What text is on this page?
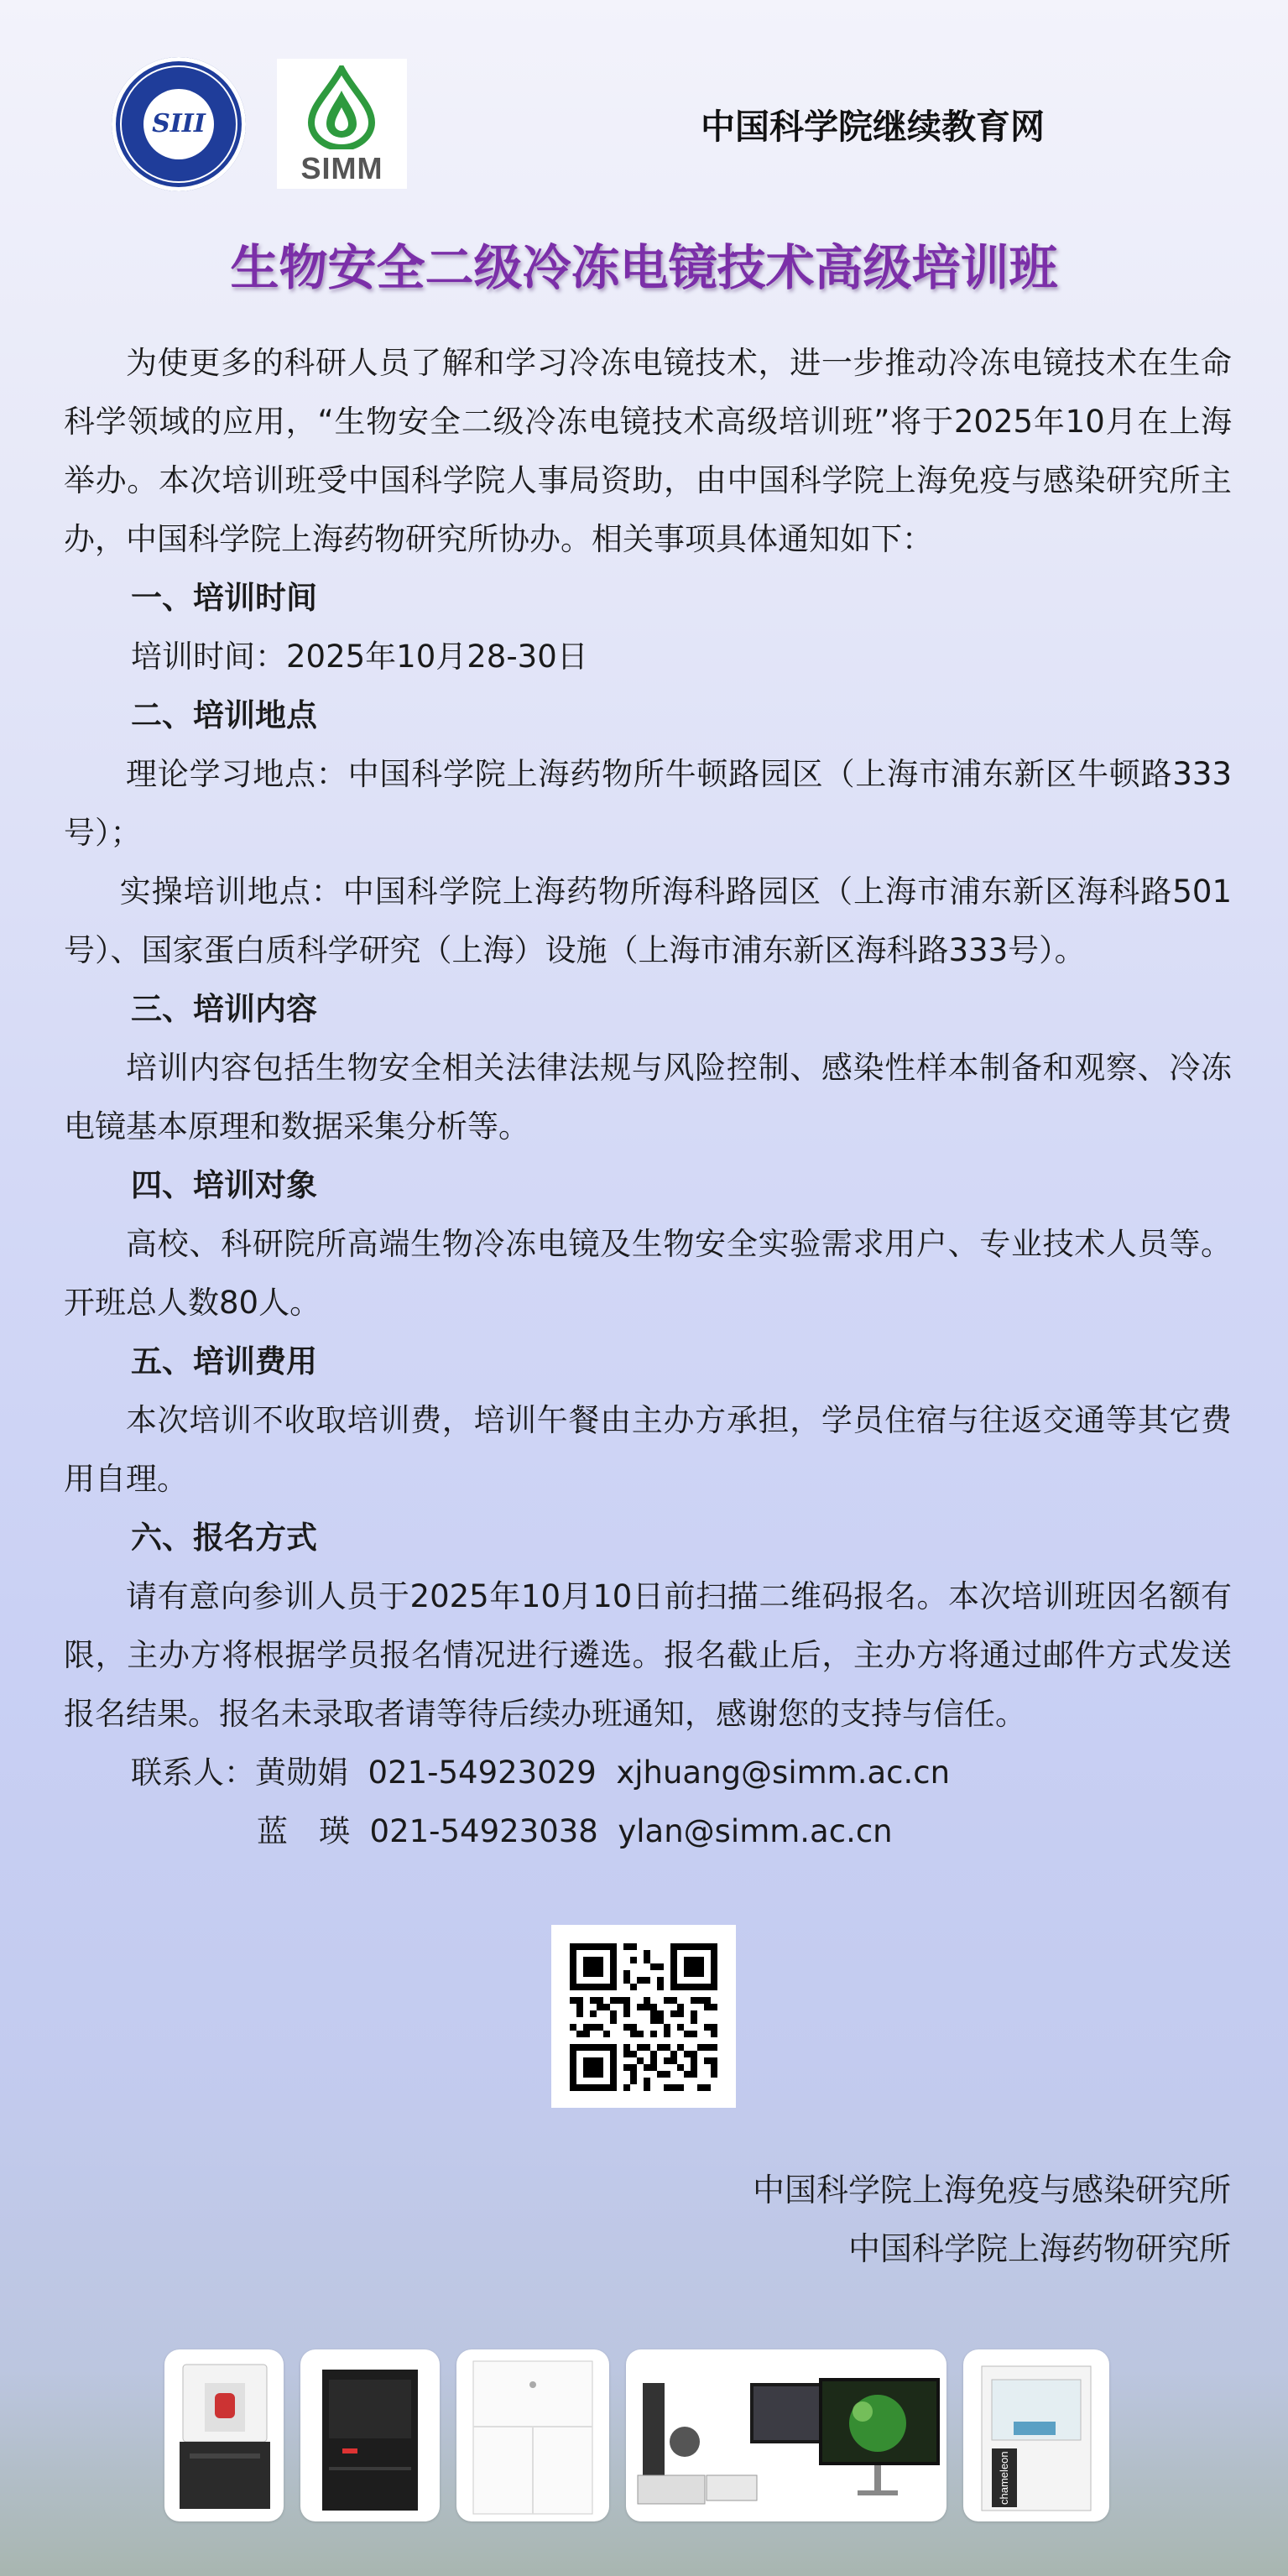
SIII
SIMM
中国科学院继续教育网
生物安全二级冷冻电镜技术高级培训班

为使更多的科研人员了解和学习冷冻电镜技术，进一步推动冷冻电镜技术在生命科学领域的应用，“生物安全二级冷冻电镜技术高级培训班”将于2025年10月在上海举办。本次培训班受中国科学院人事局资助，由中国科学院上海免疫与感染研究所主办，中国科学院上海药物研究所协办。相关事项具体通知如下：

一、培训时间

培训时间：2025年10月28-30日

二、培训地点

理论学习地点：中国科学院上海药物所牛顿路园区（上海市浦东新区牛顿路333号）；

实操培训地点：中国科学院上海药物所海科路园区（上海市浦东新区海科路501号）、国家蛋白质科学研究（上海）设施（上海市浦东新区海科路333号）。

三、培训内容

培训内容包括生物安全相关法律法规与风险控制、感染性样本制备和观察、冷冻电镜基本原理和数据采集分析等。

四、培训对象

高校、科研院所高端生物冷冻电镜及生物安全实验需求用户、专业技术人员等。开班总人数80人。

五、培训费用

本次培训不收取培训费，培训午餐由主办方承担，学员住宿与往返交通等其它费用自理。

六、报名方式

请有意向参训人员于2025年10月10日前扫描二维码报名。本次培训班因名额有限，主办方将根据学员报名情况进行遴选。报名截止后，主办方将通过邮件方式发送报名结果。报名未录取者请等待后续办班通知，感谢您的支持与信任。

联系人：黄勋娟 021-54923029 xjhuang@simm.ac.cn

蓝　瑛 021-54923038 ylan@simm.ac.cn

中国科学院上海免疫与感染研究所
中国科学院上海药物研究所
chameleon
